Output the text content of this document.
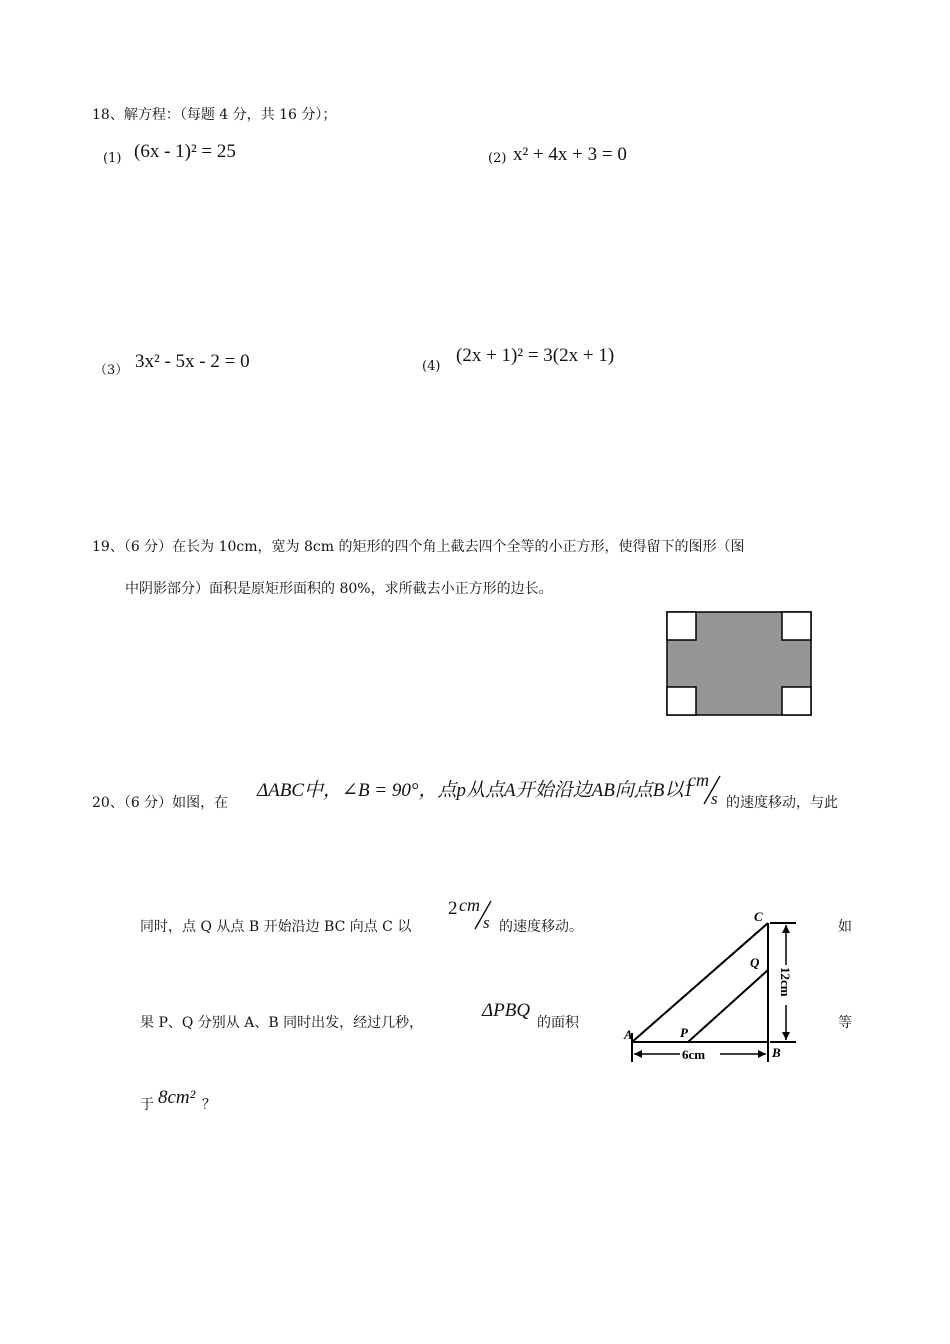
18、解方程：（每题 4 分，共 16 分）；
(1) (6x - 1)² = 25	(2) x² + 4x + 3 = 0
（3） 3x² - 5x - 2 = 0	(4)
(2x + 1)² = 3(2x + 1)
19、（6 分）在长为 10cm，宽为 8cm 的矩形的四个角上截去四个全等的小正方形，使得留下的图形（图
中阴影部分）面积是原矩形面积的 80%，求所截去小正方形的边长。
20、（6 分）如图，在
ΔABC中，∠B = 90°，点p从点A开始沿边AB向点B以1
cm
s 的速度移动，与此
同时，点 Q 从点 B 开始沿边 BC 向点 C 以
2 cm
s 的速度移动。	如
果 P、Q 分别从 A、B 同时出发，经过几秒，
ΔPBQ
的面积	等
于 8cm² ？
A
B
C
P
Q
6cm
12cm
